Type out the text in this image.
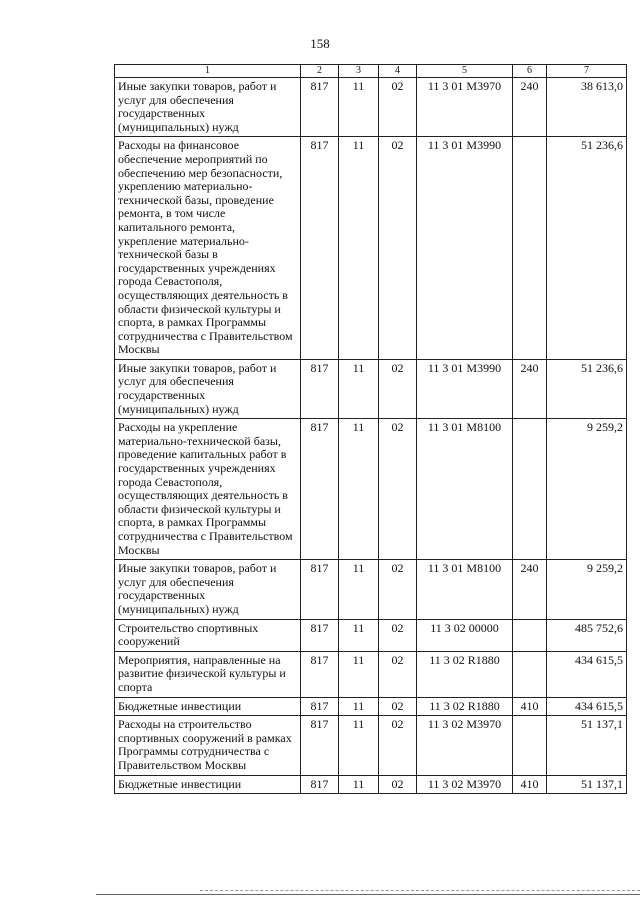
158
1	2	3	4	5	6	7
Иные закупки товаров, работ и услуг для обеспечения государственных (муниципальных) нужд	817	11	02	11 3 01 М3970	240	38 613,0
Расходы на финансовое обеспечение мероприятий по обеспечению мер безопасности, укреплению материально-технической базы, проведение ремонта, в том числе капитального ремонта, укрепление материально-технической базы в государственных учреждениях города Севастополя, осуществляющих деятельность в области физической культуры и спорта, в рамках Программы сотрудничества с Правительством Москвы	817	11	02	11 3 01 М3990		51 236,6
Иные закупки товаров, работ и услуг для обеспечения государственных (муниципальных) нужд	817	11	02	11 3 01 М3990	240	51 236,6
Расходы на укрепление материально-технической базы, проведение капитальных работ в государственных учреждениях города Севастополя, осуществляющих деятельность в области физической культуры и спорта, в рамках Программы сотрудничества с Правительством Москвы	817	11	02	11 3 01 М8100		9 259,2
Иные закупки товаров, работ и услуг для обеспечения государственных (муниципальных) нужд	817	11	02	11 3 01 М8100	240	9 259,2
Строительство спортивных сооружений	817	11	02	11 3 02 00000		485 752,6
Мероприятия, направленные на развитие физической культуры и спорта	817	11	02	11 3 02 R1880		434 615,5
Бюджетные инвестиции	817	11	02	11 3 02 R1880	410	434 615,5
Расходы на строительство спортивных сооружений в рамках Программы сотрудничества с Правительством Москвы	817	11	02	11 3 02 М3970		51 137,1
Бюджетные инвестиции	817	11	02	11 3 02 М3970	410	51 137,1
